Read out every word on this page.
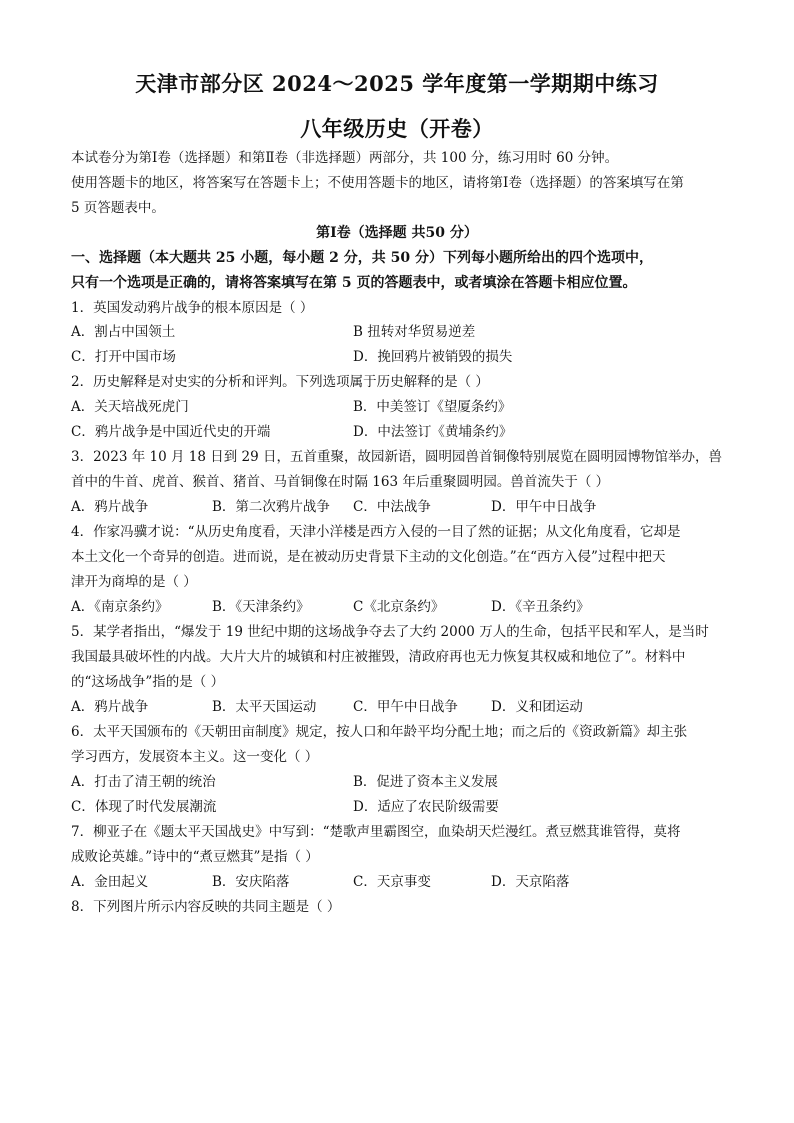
天津市部分区 2024～2025 学年度第一学期期中练习
八年级历史（开卷）
本试卷分为第Ⅰ卷（选择题）和第Ⅱ卷（非选择题）两部分，共 100 分，练习用时 60 分钟。
使用答题卡的地区，将答案写在答题卡上；不使用答题卡的地区，请将第Ⅰ卷（选择题）的答案填写在第
5 页答题表中。
第Ⅰ卷（选择题 共50 分）
一、选择题（本大题共 25 小题，每小题 2 分，共 50 分）下列每小题所给出的四个选项中，
只有一个选项是正确的，请将答案填写在第 5 页的答题表中，或者填涂在答题卡相应位置。
1．英国发动鸦片战争的根本原因是（ ）
A．割占中国领土	B 扭转对华贸易逆差
C．打开中国市场	D．挽回鸦片被销毁的损失
2．历史解释是对史实的分析和评判。下列选项属于历史解释的是（ ）
A．关天培战死虎门	B．中美签订《望厦条约》
C．鸦片战争是中国近代史的开端	D．中法签订《黄埔条约》
3．2023 年 10 月 18 日到 29 日，五首重聚，故园新语，圆明园兽首铜像特别展览在圆明园博物馆举办，兽
首中的牛首、虎首、猴首、猪首、马首铜像在时隔 163 年后重聚圆明园。兽首流失于（ ）
A．鸦片战争	B．第二次鸦片战争 C．中法战争	D．甲午中日战争
4．作家冯骥才说：“从历史角度看，天津小洋楼是西方入侵的一目了然的证据；从文化角度看，它却是
本土文化一个奇异的创造。进而说，是在被动历史背景下主动的文化创造。”在“西方入侵”过程中把天
津开为商埠的是（ ）
A．《南京条约》	B．《天津条约》	C《北京条约》	D．《辛丑条约》
5．某学者指出，“爆发于 19 世纪中期的这场战争夺去了大约 2000 万人的生命，包括平民和军人，是当时
我国最具破坏性的内战。大片大片的城镇和村庄被摧毁，清政府再也无力恢复其权威和地位了”。材料中
的“这场战争”指的是（ ）
A．鸦片战争	B．太平天国运动	C．甲午中日战争 D．义和团运动
6．太平天国颁布的《天朝田亩制度》规定，按人口和年龄平均分配土地；而之后的《资政新篇》却主张
学习西方，发展资本主义。这一变化（ ）
A．打击了清王朝的统治	B．促进了资本主义发展
C．体现了时代发展潮流	D．适应了农民阶级需要
7．柳亚子在《题太平天国战史》中写到：“楚歌声里霸图空，血染胡天烂漫红。煮豆燃萁谁管得，莫将
成败论英雄。”诗中的“煮豆燃萁”是指（ ）
A．金田起义	B．安庆陷落	C．天京事变	D．天京陷落
8．下列图片所示内容反映的共同主题是（ ）
